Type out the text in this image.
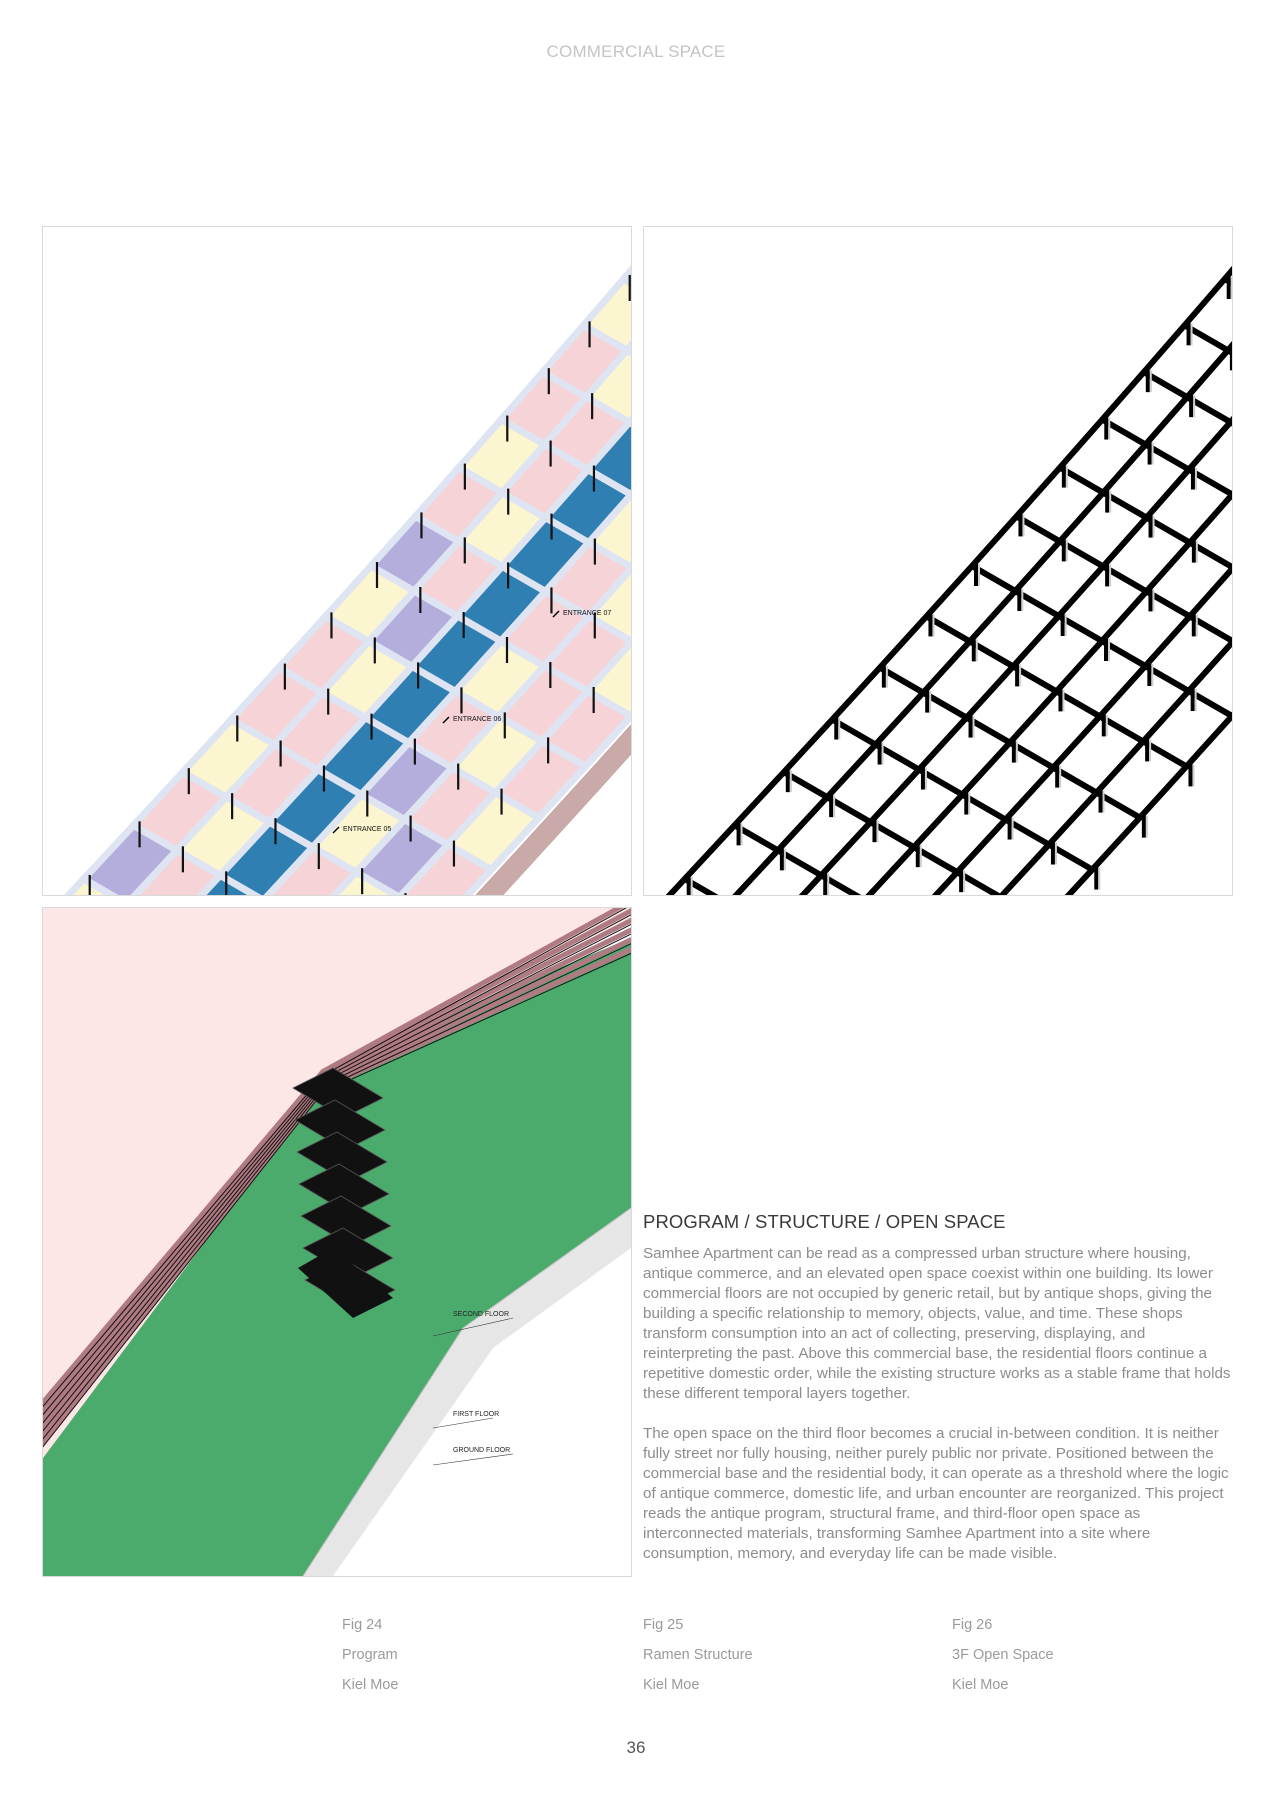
COMMERCIAL SPACE
ENTRANCE 07
ENTRANCE 06
ENTRANCE 05
SECOND FLOOR
FIRST FLOOR
GROUND FLOOR
PROGRAM / STRUCTURE / OPEN SPACE

Samhee Apartment can be read as a compressed urban structure where housing, antique commerce, and an elevated open space coexist within one building. Its lower commercial floors are not occupied by generic retail, but by antique shops, giving the building a specific relationship to memory, objects, value, and time. These shops transform consumption into an act of collecting, preserving, displaying, and reinterpreting the past. Above this commercial base, the residential floors continue a repetitive domestic order, while the existing structure works as a stable frame that holds these different temporal layers together.

The open space on the third floor becomes a crucial in-between condition. It is neither fully street nor fully housing, neither purely public nor private. Positioned between the commercial base and the residential body, it can operate as a threshold where the logic of antique commerce, domestic life, and urban encounter are reorganized. This project reads the antique program, structural frame, and third-floor open space as interconnected materials, transforming Samhee Apartment into a site where consumption, memory, and everyday life can be made visible.

Fig 24
Program
Kiel Moe
Fig 25
Ramen Structure
Kiel Moe
Fig 26
3F Open Space
Kiel Moe
36
